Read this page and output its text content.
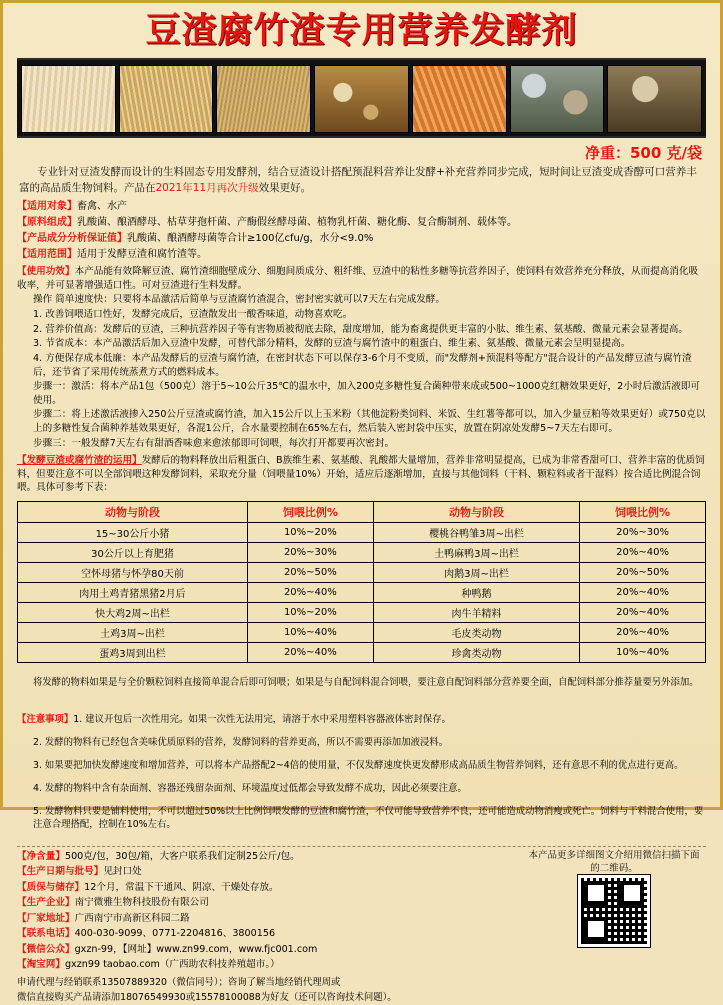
豆渣腐竹渣专用营养发酵剂
净重：500 克/袋
专业针对豆渣发酵而设计的生料固态专用发酵剂，结合豆渣设计搭配预混料营养让发酵+补充营养同步完成，短时间让豆渣变成香醇可口营养丰富的高品质生物饲料。产品在2021年11月再次升级效果更好。
【适用对象】畜禽、水产
【原料组成】乳酸菌、酿酒酵母、枯草芽孢杆菌、产酶假丝酵母菌、植物乳杆菌、糖化酶、复合酶制剂、载体等。
【产品成分分析保证值】乳酸菌、酿酒酵母菌等合计≥100亿cfu/g，水分<9.0%
【适用范围】适用于发酵豆渣和腐竹渣等。

【使用功效】本产品能有效降解豆渣、腐竹渣细胞壁成分、细胞间质成分、粗纤维、豆渣中的粘性多糖等抗营养因子，使饲料有效营养充分释放，从而提高消化吸收率，并可显著增强适口性。可对豆渣进行生料发酵。

操作 简单速度快：只要将本品激活后简单与豆渣腐竹渣混合，密封密实就可以7天左右完成发酵。

1. 改善饲喂适口性好，发酵完成后，豆渣散发出一酸香味道，动物喜欢吃。

2. 营养价值高：发酵后的豆渣，三种抗营养因子等有害物质被彻底去除，甜度增加，能为畜禽提供更丰富的小肽、维生素、氨基酸、微量元素会显著提高。

3. 节省成本：本产品激活后加入豆渣中发酵，可替代部分精料，发酵的豆渣与腐竹渣中的粗蛋白、维生素、氨基酸、微量元素会呈明显提高。

4. 方便保存成本低廉：本产品发酵后的豆渣与腐竹渣，在密封状态下可以保存3-6个月不变质，而"发酵剂+预混料等配方"混合设计的产品发酵豆渣与腐竹渣后，还节省了采用传统蒸煮方式的燃料成本。

步骤一：激活：将本产品1包（500克）溶于5~10公斤35℃的温水中，加入200克多糖性复合菌种带来成或500~1000克红糖效果更好，2小时后激活液即可使用。

步骤二：将上述激活液掺入250公斤豆渣或腐竹渣，加入15公斤以上玉米粉（其他淀粉类饲料、米饭、生红薯等都可以，加入少量豆粕等效果更好）或750克以上的多糖性复合菌种养基效果更好，各混1公斤，合水量要控制在65%左右，然后装入密封袋中压实，放置在阴凉处发酵5~7天左右即可。

步骤三：一般发酵7天左右有甜酒香味愈来愈浓郁即可饲喂，每次打开都要再次密封。

【发酵豆渣或腐竹渣的运用】发酵后的物料释放出后粗蛋白、B族维生素、氨基酸、乳酸都大量增加，营养非常明显提高，已成为非常香甜可口、营养丰富的优质饲料，但要注意不可以全部饲喂这种发酵饲料，采取充分量（饲喂量10%）开始，适应后逐渐增加，直接与其他饲料（干料、颗粒料或者干湿料）按合适比例混合饲喂。具体可参考下表：

动物与阶段	饲喂比例%	动物与阶段	饲喂比例%
15~30公斤小猪	10%~20%	樱桃谷鸭雏3周~出栏	20%~30%
30公斤以上育肥猪	20%~30%	土鸭麻鸭3周~出栏	20%~40%
空怀母猪与怀孕80天前	20%~50%	肉鹅3周~出栏	20%~50%
肉用土鸡青猪黑猪2月后	20%~40%	种鸭鹅	20%~40%
快大鸡2周~出栏	10%~20%	肉牛羊精料	20%~40%
土鸡3周~出栏	10%~40%	毛皮类动物	20%~40%
蛋鸡3周到出栏	20%~40%	珍禽类动物	10%~40%

将发酵的物料如果是与全价颗粒饲料直接简单混合后即可饲喂；如果是与自配饲料混合饲喂，要注意自配饲料部分营养要全面，自配饲料部分推荐量要另外添加。

【注意事项】1. 建议开包后一次性用完。如果一次性无法用完，请溶于水中采用塑料容器液体密封保存。

2. 发酵的物料有已经包含美味优质原料的营养，发酵饲料的营养更高，所以不需要再添加加液浸料。

3. 如果要把加快发酵速度和增加营养，可以将本产品搭配2~4倍的使用量，不仅发酵速度快更发酵形成高品质生物营养饲料，还有意思不利的优点进行更高。

4. 发酵的物料中含有杂面剂、容器还残留杂面剂、环境温度过低都会导致发酵不成功，因此必须要注意。

5. 发酵物料只要是铺料使用，不可以超过50%以上比例饲喂发酵的豆渣和腐竹渣，不仅可能导致营养不良，还可能造成动物消瘦或死亡。饲料与干料混合使用，要注意合理搭配，控制在10%左右。

本产品更多详细图文介绍用微信扫描下面的二维码。
【净含量】500克/包，30包/箱，大客户联系我们定制25公斤/包。
【生产日期与批号】见封口处
【质保与储存】12个月，常温下干通风、阴凉、干燥处存放。
【生产企业】南宁微雅生物科技股份有限公司
【厂家地址】广西南宁市高新区科园二路
【联系电话】400-030-9099、0771-2204816、3800156
【微信公众】gxzn-99，【网址】www.zn99.com，www.fjc001.com
【淘宝网】gxzn99 taobao.com（广西助农科技养殖超市。）
申请代理与经销联系13507889320（微信同号）；咨询了解当地经销代理周或
微信直接购买产品请添加18076549930或15578100088为好友（还可以咨询技术问题）。
